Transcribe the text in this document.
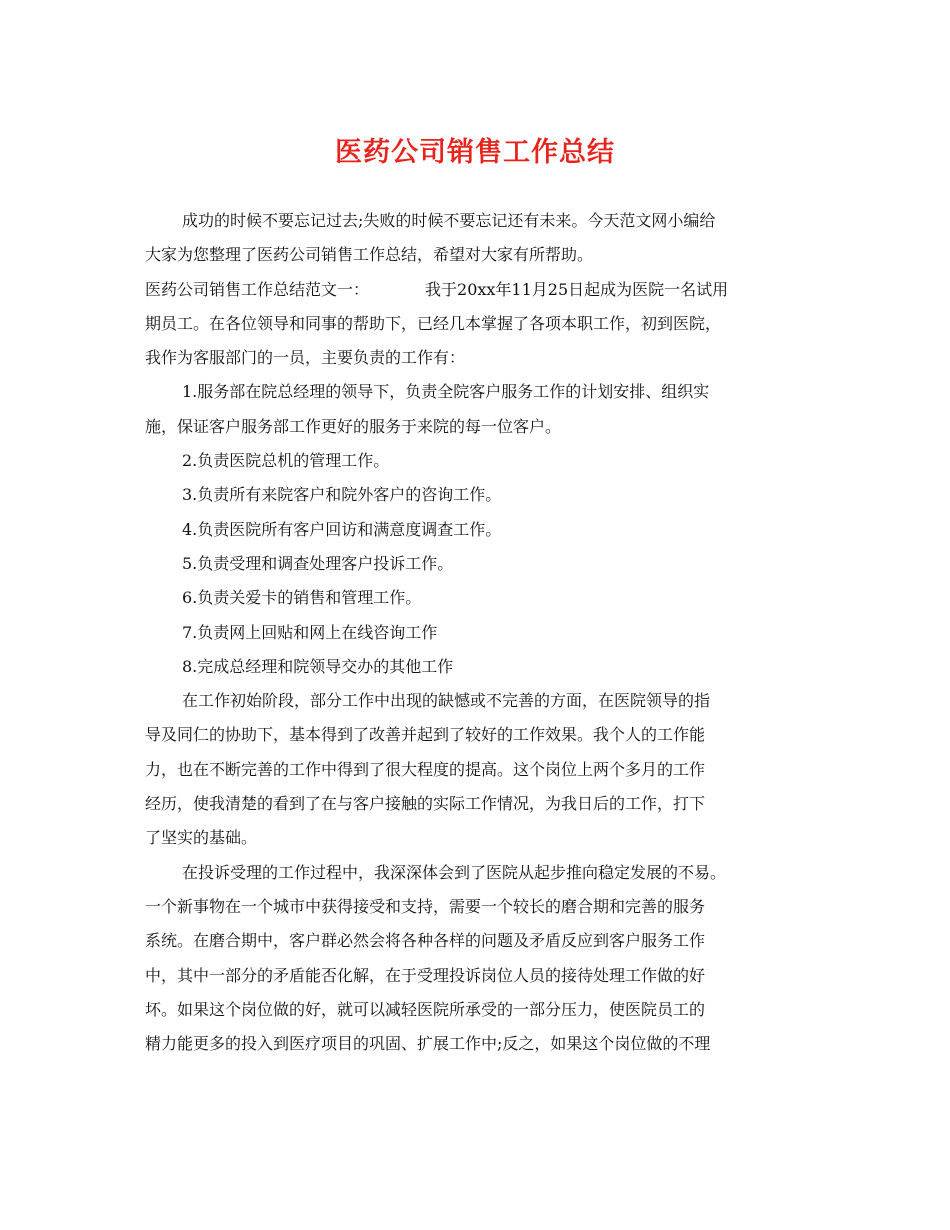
医药公司销售工作总结

成功的时候不要忘记过去;失败的时候不要忘记还有未来。今天范文网小编给

大家为您整理了医药公司销售工作总结，希望对大家有所帮助。

医药公司销售工作总结范文一：	我于20xx年11月25日起成为医院一名试用

期员工。在各位领导和同事的帮助下，已经几本掌握了各项本职工作，初到医院，

我作为客服部门的一员，主要负责的工作有：

1.服务部在院总经理的领导下，负责全院客户服务工作的计划安排、组织实

施，保证客户服务部工作更好的服务于来院的每一位客户。

2.负责医院总机的管理工作。

3.负责所有来院客户和院外客户的咨询工作。

4.负责医院所有客户回访和满意度调查工作。

5.负责受理和调查处理客户投诉工作。

6.负责关爱卡的销售和管理工作。

7.负责网上回贴和网上在线咨询工作

8.完成总经理和院领导交办的其他工作

在工作初始阶段，部分工作中出现的缺憾或不完善的方面，在医院领导的指

导及同仁的协助下，基本得到了改善并起到了较好的工作效果。我个人的工作能

力，也在不断完善的工作中得到了很大程度的提高。这个岗位上两个多月的工作

经历，使我清楚的看到了在与客户接触的实际工作情况，为我日后的工作，打下

了坚实的基础。

在投诉受理的工作过程中，我深深体会到了医院从起步推向稳定发展的不易。

一个新事物在一个城市中获得接受和支持，需要一个较长的磨合期和完善的服务

系统。在磨合期中，客户群必然会将各种各样的问题及矛盾反应到客户服务工作

中，其中一部分的矛盾能否化解，在于受理投诉岗位人员的接待处理工作做的好

坏。如果这个岗位做的好，就可以减轻医院所承受的一部分压力，使医院员工的

精力能更多的投入到医疗项目的巩固、扩展工作中;反之，如果这个岗位做的不理
